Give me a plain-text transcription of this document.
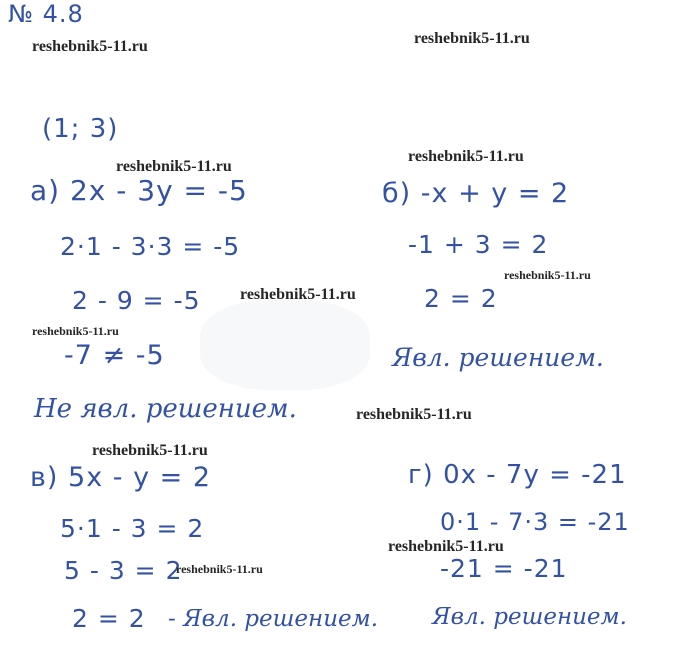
№ 4.8
(1; 3)
а) 2x - 3y = -5
2·1 - 3·3 = -5
2 - 9 = -5
-7 ≠ -5
Не явл. решением.
б) -x + y = 2
-1 + 3 = 2
2 = 2
Явл. решением.
в) 5x - y = 2
5·1 - 3 = 2
5 - 3 = 2
2 = 2 - Явл. решением.
г) 0x - 7y = -21
0·1 - 7·3 = -21
-21 = -21
Явл. решением.
reshebnik5-11.ru	reshebnik5-11.ru
reshebnik5-11.ru
reshebnik5-11.ru
reshebnik5-11.ru
reshebnik5-11.ru
reshebnik5-11.ru
reshebnik5-11.ru
reshebnik5-11.ru
reshebnik5-11.ru
reshebnik5-11.ru
